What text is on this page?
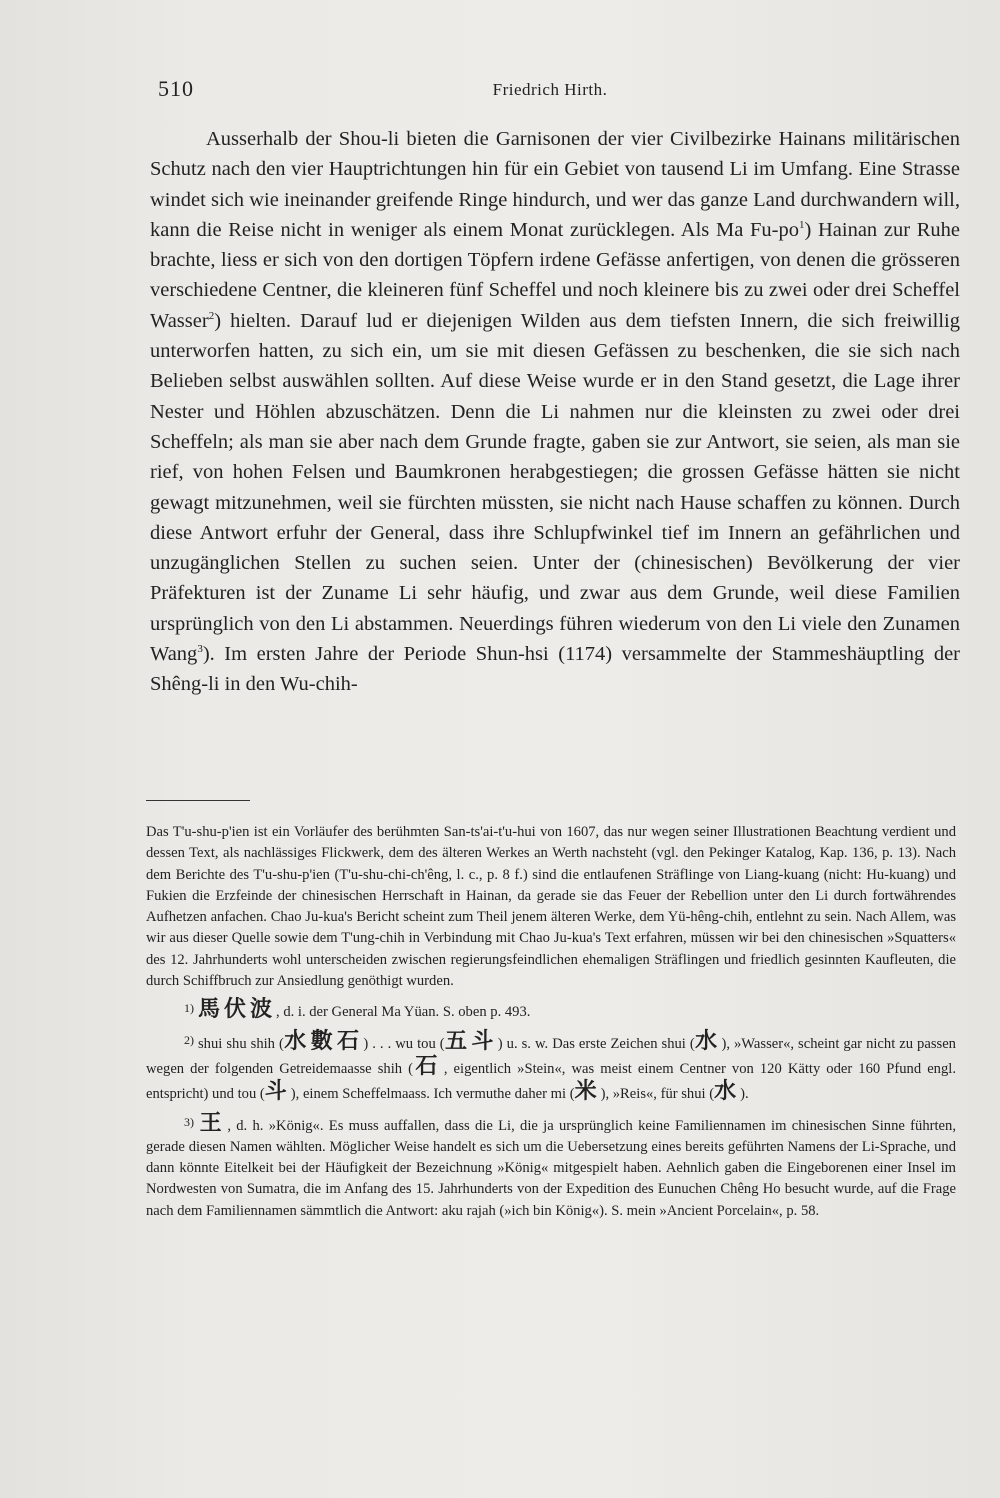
510	Friedrich Hirth.

Ausserhalb der Shou-li bieten die Garnisonen der vier Civilbezirke Hainans militärischen Schutz nach den vier Hauptrichtungen hin für ein Gebiet von tausend Li im Umfang. Eine Strasse windet sich wie ineinander greifende Ringe hindurch, und wer das ganze Land durchwandern will, kann die Reise nicht in weniger als einem Monat zurücklegen. Als Ma $Fu-po^1$) Hainan zur Ruhe brachte, liess er sich von den dortigen Töpfern irdene Gefässe anfertigen, von denen die grösseren verschiedene Centner, die kleineren fünf Scheffel und noch kleinere bis zu zwei oder drei Scheffel Wasser$^2$) hielten. Darauf lud er diejenigen Wilden aus dem tiefsten Innern, die sich freiwillig unterworfen hatten, zu sich ein, um sie mit diesen Gefässen zu beschenken, die sie sich nach Belieben selbst auswählen sollten. Auf diese Weise wurde er in den Stand gesetzt, die Lage ihrer Nester und Höhlen abzuschätzen. Denn die Li nahmen nur die kleinsten zu zwei oder drei Scheffeln; als man sie aber nach dem Grunde fragte, gaben sie zur Antwort, sie seien, als man sie rief, von hohen Felsen und Baumkronen herabgestiegen; die grossen Gefässe hätten sie nicht gewagt mitzunehmen, weil sie fürchten müssten, sie nicht nach Hause schaffen zu können. Durch diese Antwort erfuhr der General, dass ihre Schlupfwinkel tief im Innern an gefährlichen und unzugänglichen Stellen zu suchen seien. Unter der (chinesischen) Bevölkerung der vier Präfekturen ist der Zuname Li sehr häufig, und zwar aus dem Grunde, weil diese Familien ursprünglich von den Li abstammen. Neuerdings führen wiederum von den Li viele den Zunamen Wang$^3$). Im ersten Jahre der Periode Shun-hsi (1174) versammelte der Stammeshäuptling der Shêng-li in den Wu-chih-

Das T'u-shu-p'ien ist ein Vorläufer des berühmten San-ts'ai-t'u-hui von 1607, das nur wegen seiner Illustrationen Beachtung verdient und dessen Text, als nachlässiges Flickwerk, dem des älteren Werkes an Werth nachsteht (vgl. den Pekinger Katalog, Kap. 136, p. 13). Nach dem Berichte des T'u-shu-p'ien (T'u-shu-chi-ch'êng, l. c., p. 8 f.) sind die entlaufenen Sträflinge von Liang-kuang (nicht: Hu-kuang) und Fukien die Erzfeinde der chinesischen Herrschaft in Hainan, da gerade sie das Feuer der Rebellion unter den Li durch fortwährendes Aufhetzen anfachen. Chao Ju-kua's Bericht scheint zum Theil jenem älteren Werke, dem Yü-hêng-chih, entlehnt zu sein. Nach Allem, was wir aus dieser Quelle sowie dem T'ung-chih in Verbindung mit Chao Ju-kua's Text erfahren, müssen wir bei den chinesischen »Squatters« des 12. Jahrhunderts wohl unterscheiden zwischen regierungsfeindlichen ehemaligen Sträflingen und friedlich gesinnten Kaufleuten, die durch Schiffbruch zur Ansiedlung genöthigt wurden.

1) 馬伏波, d. i. der General Ma Yüan. S. oben p. 493.

2) shui shu shih (水數石) . . . wu tou (五斗) u. s. w. Das erste Zeichen shui (水), »Wasser«, scheint gar nicht zu passen wegen der folgenden Getreidemaasse shih (石, eigentlich »Stein«, was meist einem Centner von 120 Kätty oder 160 Pfund engl. entspricht) und tou (斗), einem Scheffelmaass. Ich vermuthe daher mi (米), »Reis«, für shui (水).

3) 王, d. h. »König«. Es muss auffallen, dass die Li, die ja ursprünglich keine Familiennamen im chinesischen Sinne führten, gerade diesen Namen wählten. Möglicher Weise handelt es sich um die Uebersetzung eines bereits geführten Namens der Li-Sprache, und dann könnte Eitelkeit bei der Häufigkeit der Bezeichnung »König« mitgespielt haben. Aehnlich gaben die Eingeborenen einer Insel im Nordwesten von Sumatra, die im Anfang des 15. Jahrhunderts von der Expedition des Eunuchen Chêng Ho besucht wurde, auf die Frage nach dem Familiennamen sämmtlich die Antwort: aku rajah (»ich bin König«). S. mein »Ancient Porcelain«, p. 58.
